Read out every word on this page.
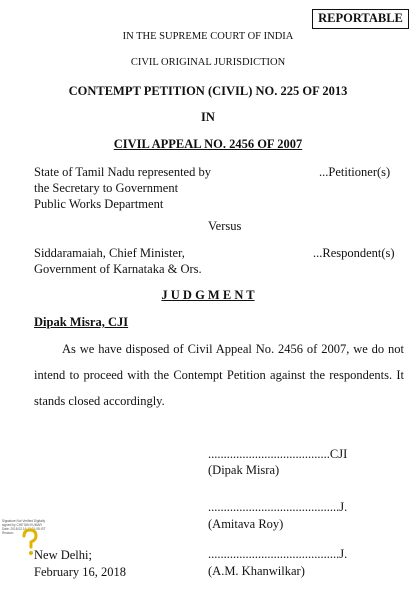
REPORTABLE
IN THE SUPREME COURT OF INDIA
CIVIL ORIGINAL JURISDICTION
CONTEMPT PETITION (CIVIL) NO. 225 OF 2013
IN
CIVIL APPEAL NO. 2456 OF 2007
State of Tamil Nadu represented by
the Secretary to Government
Public Works Department
...Petitioner(s)
Versus
Siddaramaiah, Chief Minister,
Government of Karnataka & Ors.
...Respondent(s)
J U D G M E N T
Dipak Misra, CJI
As we have disposed of Civil Appeal No. 2456 of 2007, we do not intend to proceed with the Contempt Petition against the respondents. It stands closed accordingly.
.......................................CJI
(Dipak Misra)
..........................................J.
(Amitava Roy)
..........................................J.
(A.M. Khanwilkar)
Signature Not Verified Digitally signed by CHETAN KUMAR Date: 2018.02.16 13:31:08 IST Reason:
New Delhi;
February 16, 2018
